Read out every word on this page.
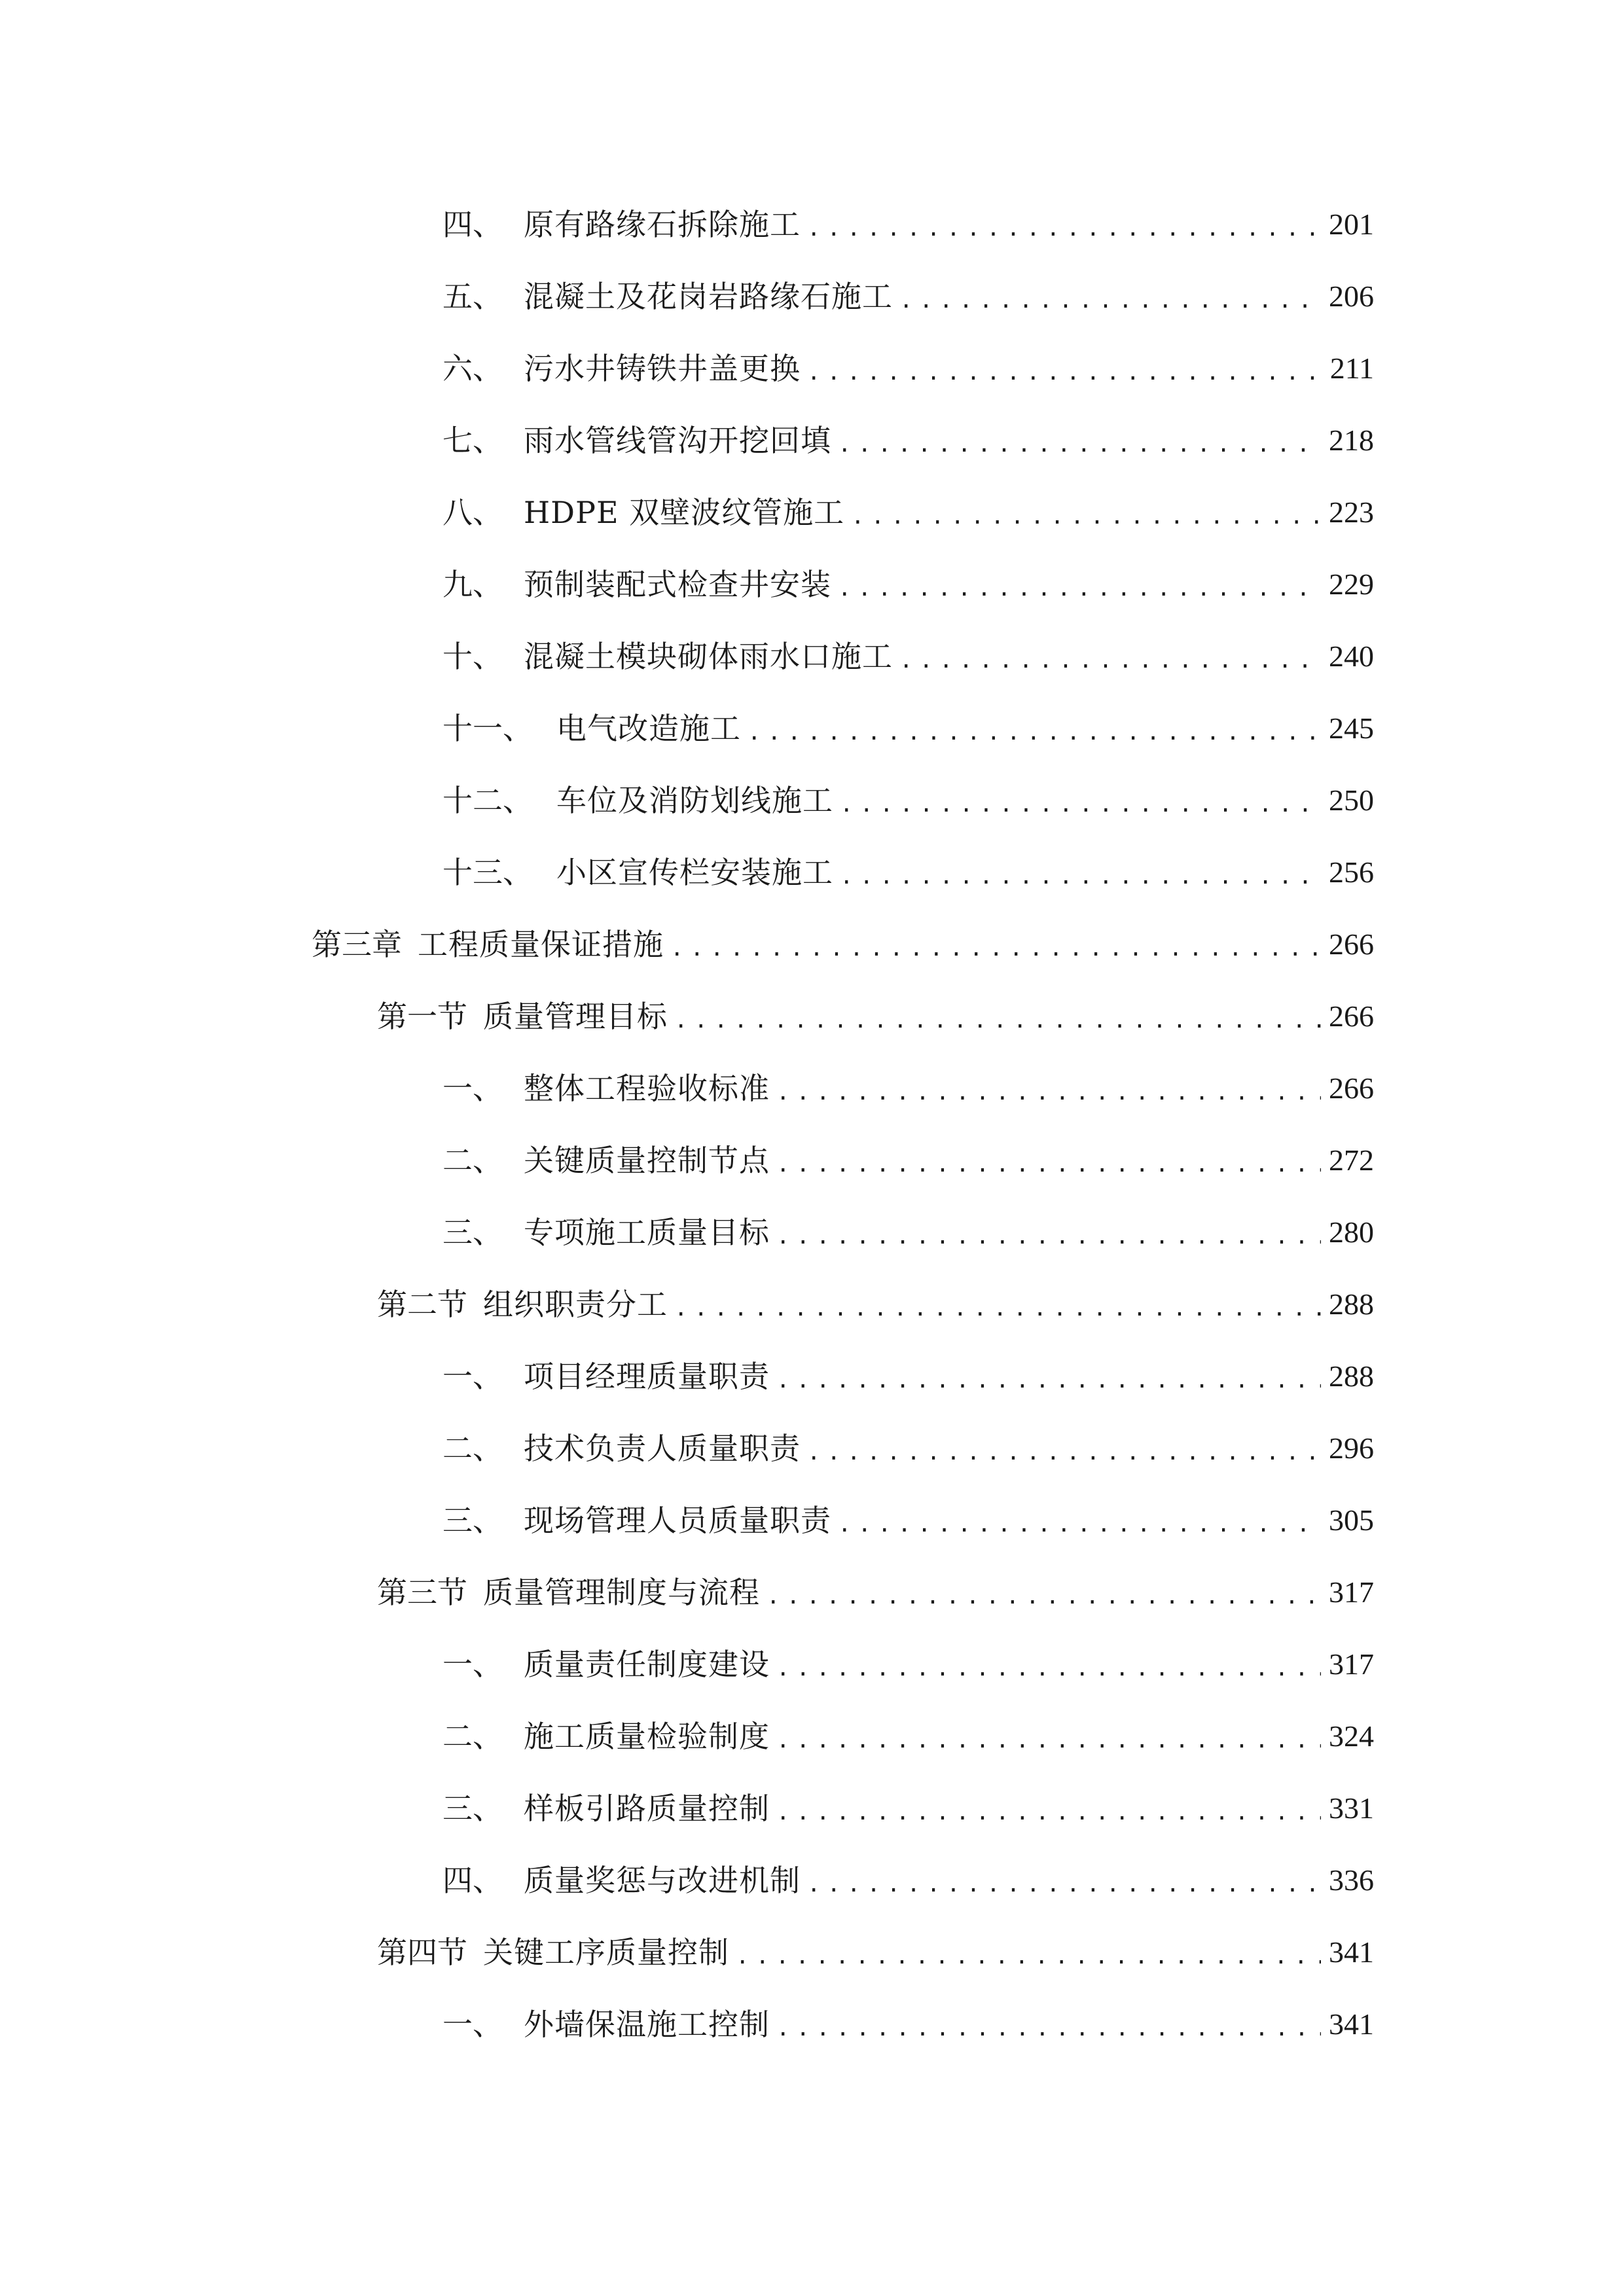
四、 原有路缘石拆除施工 .....	201
五、 混凝土及花岗岩路缘石施工 .....	206
六、 污水井铸铁井盖更换 .....	211
七、 雨水管线管沟开挖回填 .....	218
八、 HDPE 双壁波纹管施工 .....	223
九、 预制装配式检查井安装 .....	229
十、 混凝土模块砌体雨水口施工 .....	240
十一、 电气改造施工 .....	245
十二、 车位及消防划线施工 .....	250
十三、 小区宣传栏安装施工 .....	256
第三章 工程质量保证措施 .....	266
第一节 质量管理目标 .....	266
一、 整体工程验收标准 .....	266
二、 关键质量控制节点 .....	272
三、 专项施工质量目标 .....	280
第二节 组织职责分工 .....	288
一、 项目经理质量职责 .....	288
二、 技术负责人质量职责 .....	296
三、 现场管理人员质量职责 .....	305
第三节 质量管理制度与流程 .....	317
一、 质量责任制度建设 .....	317
二、 施工质量检验制度 .....	324
三、 样板引路质量控制 .....	331
四、 质量奖惩与改进机制 .....	336
第四节 关键工序质量控制 .....	341
一、 外墙保温施工控制 .....	341
